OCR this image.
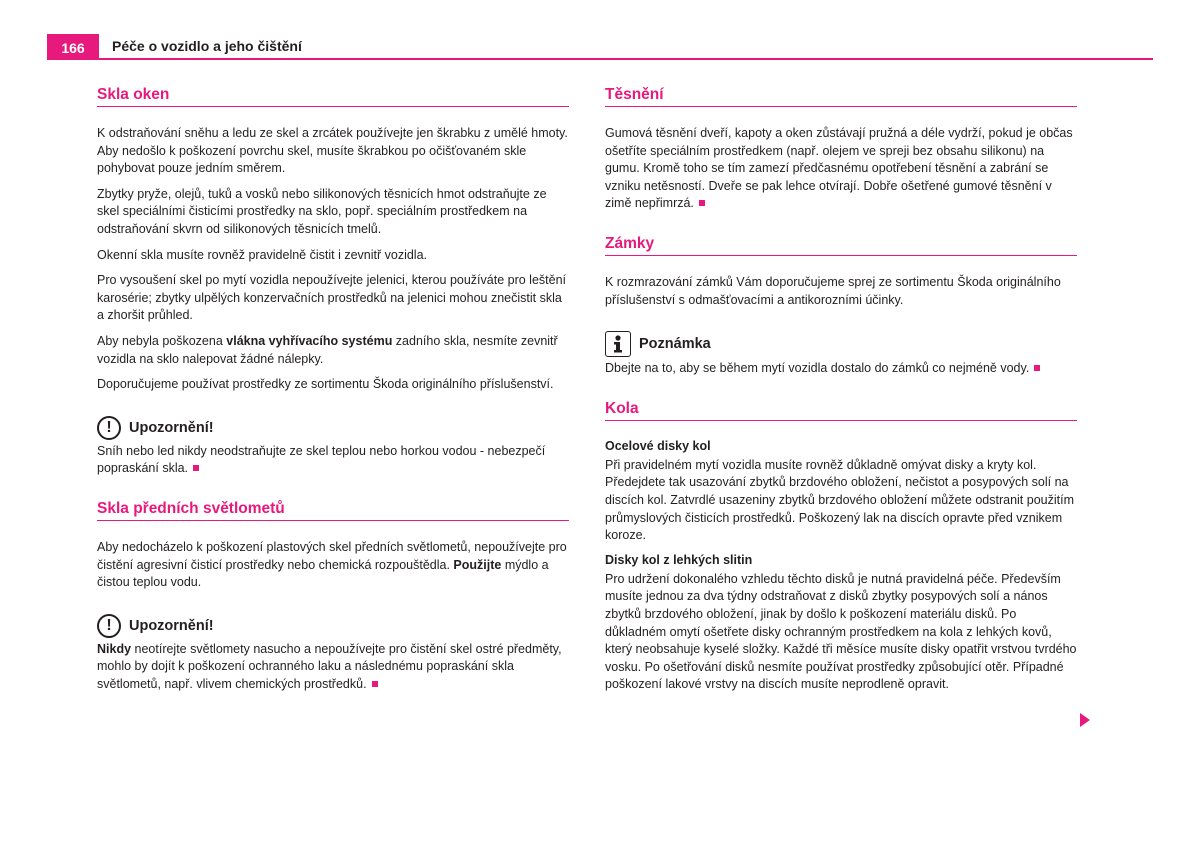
166	Péče o vozidlo a jeho čištění
Skla oken

K odstraňování sněhu a ledu ze skel a zrcátek používejte jen škrabku z umělé hmoty. Aby nedošlo k poškození povrchu skel, musíte škrabkou po očišťovaném skle pohybovat pouze jedním směrem.

Zbytky pryže, olejů, tuků a vosků nebo silikonových těsnicích hmot odstraňujte ze skel speciálními čisticími prostředky na sklo, popř. speciálním prostředkem na odstraňování skvrn od silikonových těsnicích tmelů.

Okenní skla musíte rovněž pravidelně čistit i zevnitř vozidla.

Pro vysoušení skel po mytí vozidla nepoužívejte jelenici, kterou používáte pro leštění karosérie; zbytky ulpělých konzervačních prostředků na jelenici mohou znečistit skla a zhoršit průhled.

Aby nebyla poškozena vlákna vyhřívacího systému zadního skla, nesmíte zevnitř vozidla na sklo nalepovat žádné nálepky.

Doporučujeme používat prostředky ze sortimentu Škoda originálního příslušenství.

!	Upozornění!

Sníh nebo led nikdy neodstraňujte ze skel teplou nebo horkou vodou - nebezpečí popraskání skla.

Skla předních světlometů

Aby nedocházelo k poškození plastových skel předních světlometů, nepoužívejte pro čistění agresivní čisticí prostředky nebo chemická rozpouštědla. Použijte mýdlo a čistou teplou vodu.

!	Upozornění!

Nikdy neotírejte světlomety nasucho a nepoužívejte pro čistění skel ostré předměty, mohlo by dojít k poškození ochranného laku a následnému popraskání skla světlometů, např. vlivem chemických prostředků.

Těsnění

Gumová těsnění dveří, kapoty a oken zůstávají pružná a déle vydrží, pokud je občas ošetříte speciálním prostředkem (např. olejem ve spreji bez obsahu silikonu) na gumu. Kromě toho se tím zamezí předčasnému opotřebení těsnění a zabrání se vzniku netěsností. Dveře se pak lehce otvírají. Dobře ošetřené gumové těsnění v zimě nepřimrzá.

Zámky

K rozmrazování zámků Vám doporučujeme sprej ze sortimentu Škoda originálního příslušenství s odmašťovacími a antikorozními účinky.

Poznámka

Dbejte na to, aby se během mytí vozidla dostalo do zámků co nejméně vody.

Kola
Ocelové disky kol

Při pravidelném mytí vozidla musíte rovněž důkladně omývat disky a kryty kol. Předejdete tak usazování zbytků brzdového obložení, nečistot a posypových solí na discích kol. Zatvrdlé usazeniny zbytků brzdového obložení můžete odstranit použitím průmyslových čisticích prostředků. Poškozený lak na discích opravte před vznikem koroze.

Disky kol z lehkých slitin

Pro udržení dokonalého vzhledu těchto disků je nutná pravidelná péče. Především musíte jednou za dva týdny odstraňovat z disků zbytky posypových solí a nános zbytků brzdového obložení, jinak by došlo k poškození materiálu disků. Po důkladném omytí ošetřete disky ochranným prostředkem na kola z lehkých kovů, který neobsahuje kyselé složky. Každé tři měsíce musíte disky opatřit vrstvou tvrdého vosku. Po ošetřování disků nesmíte používat prostředky způsobující otěr. Případné poškození lakové vrstvy na discích musíte neprodleně opravit.
